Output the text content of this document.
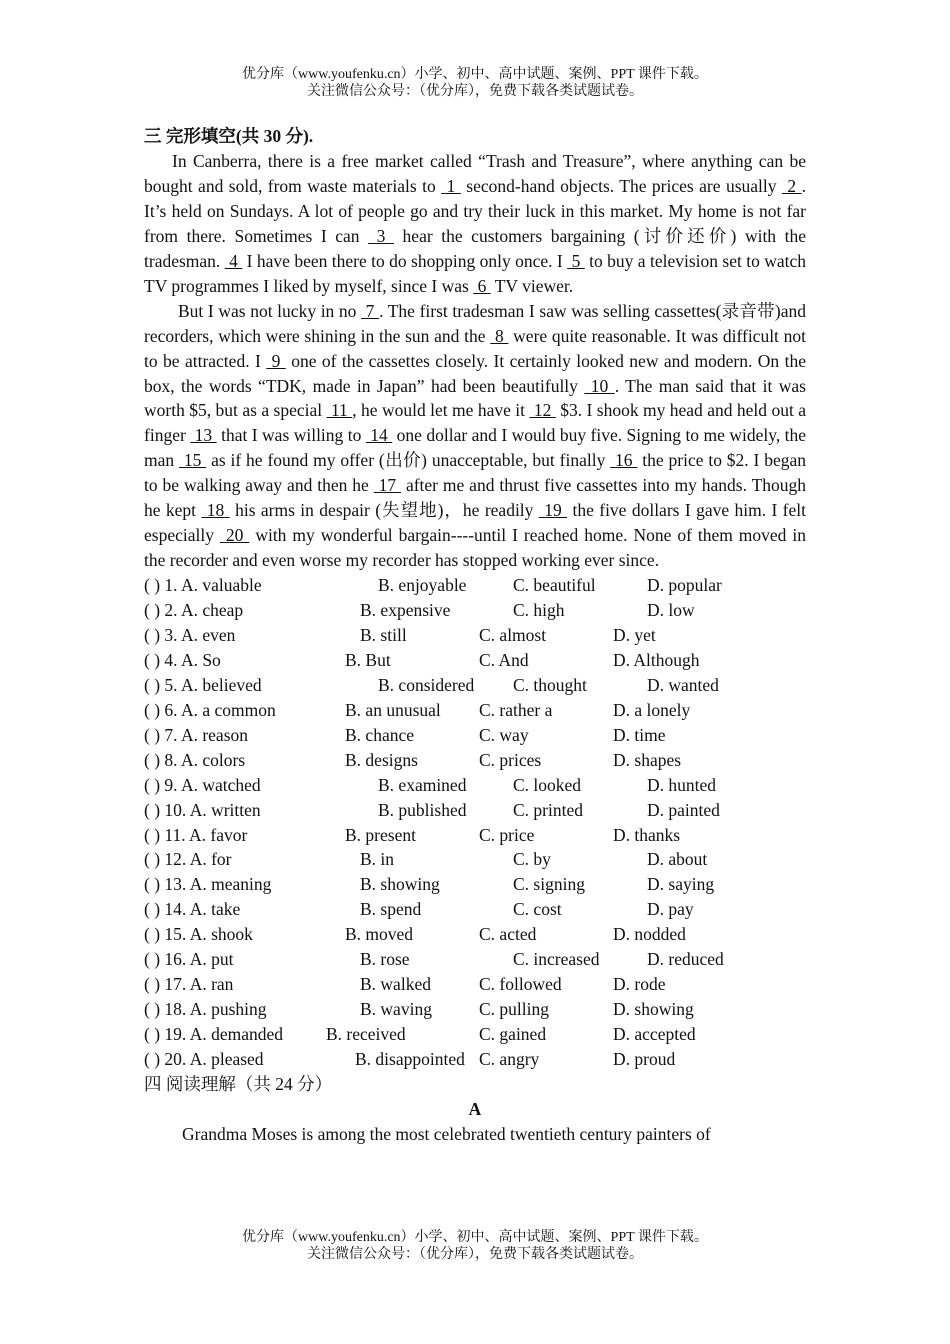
优分库（www.youfenku.cn）小学、初中、高中试题、案例、PPT 课件下载。
关注微信公众号：（优分库），免费下载各类试题试卷。
三 完形填空(共 30 分).

In Canberra, there is a free market called “Trash and Treasure”, where anything can be bought and sold, from waste materials to  1  second-hand objects. The prices are usually  2 . It’s held on Sundays. A lot of people go and try their luck in this market. My home is not far from there. Sometimes I can  3  hear the customers bargaining (讨价还价) with the tradesman.  4  I have been there to do shopping only once. I  5  to buy a television set to watch TV programmes I liked by myself, since I was  6  TV viewer.

But I was not lucky in no  7 . The first tradesman I saw was selling cassettes(录音带)and recorders, which were shining in the sun and the  8  were quite reasonable. It was difficult not to be attracted. I  9  one of the cassettes closely. It certainly looked new and modern. On the box, the words “TDK, made in Japan” had been beautifully  10 . The man said that it was worth $5, but as a special  11 , he would let me have it  12  $3. I shook my head and held out a finger  13  that I was willing to  14  one dollar and I would buy five. Signing to me widely, the man  15  as if he found my offer (出价) unacceptable, but finally  16  the price to $2. I began to be walking away and then he  17  after me and thrust five cassettes into my hands. Though he kept  18  his arms in despair (失望地)，he readily  19  the five dollars I gave him. I felt especially  20  with my wonderful bargain----until I reached home. None of them moved in the recorder and even worse my recorder has stopped working ever since.

( ) 1. A. valuable	B. enjoyable	C. beautiful	D. popular
( ) 2. A. cheap	B. expensive	C. high	D. low
( ) 3. A. even	B. still	C. almost	D. yet
( ) 4. A. So	B. But	C. And	D. Although
( ) 5. A. believed	B. considered C. thought	D. wanted
( ) 6. A. a common	B. an unusual C. rather a	D. a lonely
( ) 7. A. reason	B. chance	C. way	D. time
( ) 8. A. colors	B. designs	C. prices	D. shapes
( ) 9. A. watched	B. examined	C. looked	D. hunted
( ) 10. A. written	B. published	C. printed	D. painted
( ) 11. A. favor	B. present	C. price	D. thanks
( ) 12. A. for	B. in	C. by	D. about
( ) 13. A. meaning	B. showing	C. signing	D. saying
( ) 14. A. take	B. spend	C. cost	D. pay
( ) 15. A. shook	B. moved	C. acted	D. nodded
( ) 16. A. put	B. rose	C. increased	D. reduced
( ) 17. A. ran	B. walked	C. followed	D. rode
( ) 18. A. pushing	B. waving	C. pulling	D. showing
( ) 19. A. demanded B. received	C. gained	D. accepted
( ) 20. A. pleased	B. disappointed C. angry	D. proud
四 阅读理解（共 24 分）
A

Grandma Moses is among the most celebrated twentieth century painters of

优分库（www.youfenku.cn）小学、初中、高中试题、案例、PPT 课件下载。
关注微信公众号：（优分库），免费下载各类试题试卷。
